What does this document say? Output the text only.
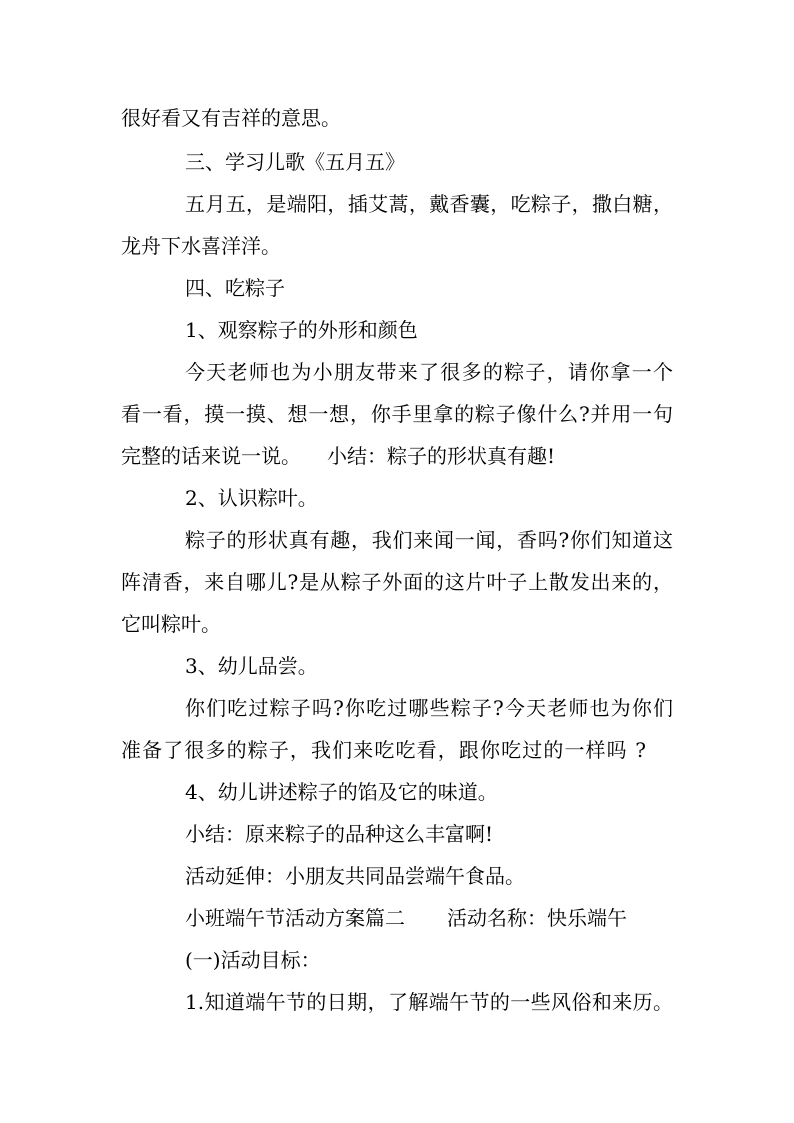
很好看又有吉祥的意思。
三、学习儿歌《五月五》
五月五，是端阳，插艾蒿，戴香囊，吃粽子，撒白糖，
龙舟下水喜洋洋。
四、吃粽子
1、观察粽子的外形和颜色
今天老师也为小朋友带来了很多的粽子，请你拿一个
看一看，摸一摸、想一想，你手里拿的粽子像什么?并用一句
完整的话来说一说。 小结：粽子的形状真有趣!
2、认识粽叶。
粽子的形状真有趣，我们来闻一闻，香吗?你们知道这
阵清香，来自哪儿?是从粽子外面的这片叶子上散发出来的，
它叫粽叶。
3、幼儿品尝。
你们吃过粽子吗?你吃过哪些粽子?今天老师也为你们
准备了很多的粽子，我们来吃吃看，跟你吃过的一样吗 ?
4、幼儿讲述粽子的馅及它的味道。
小结：原来粽子的品种这么丰富啊!
活动延伸：小朋友共同品尝端午食品。
小班端午节活动方案篇二 活动名称：快乐端午
(一)活动目标：
1.知道端午节的日期，了解端午节的一些风俗和来历。
